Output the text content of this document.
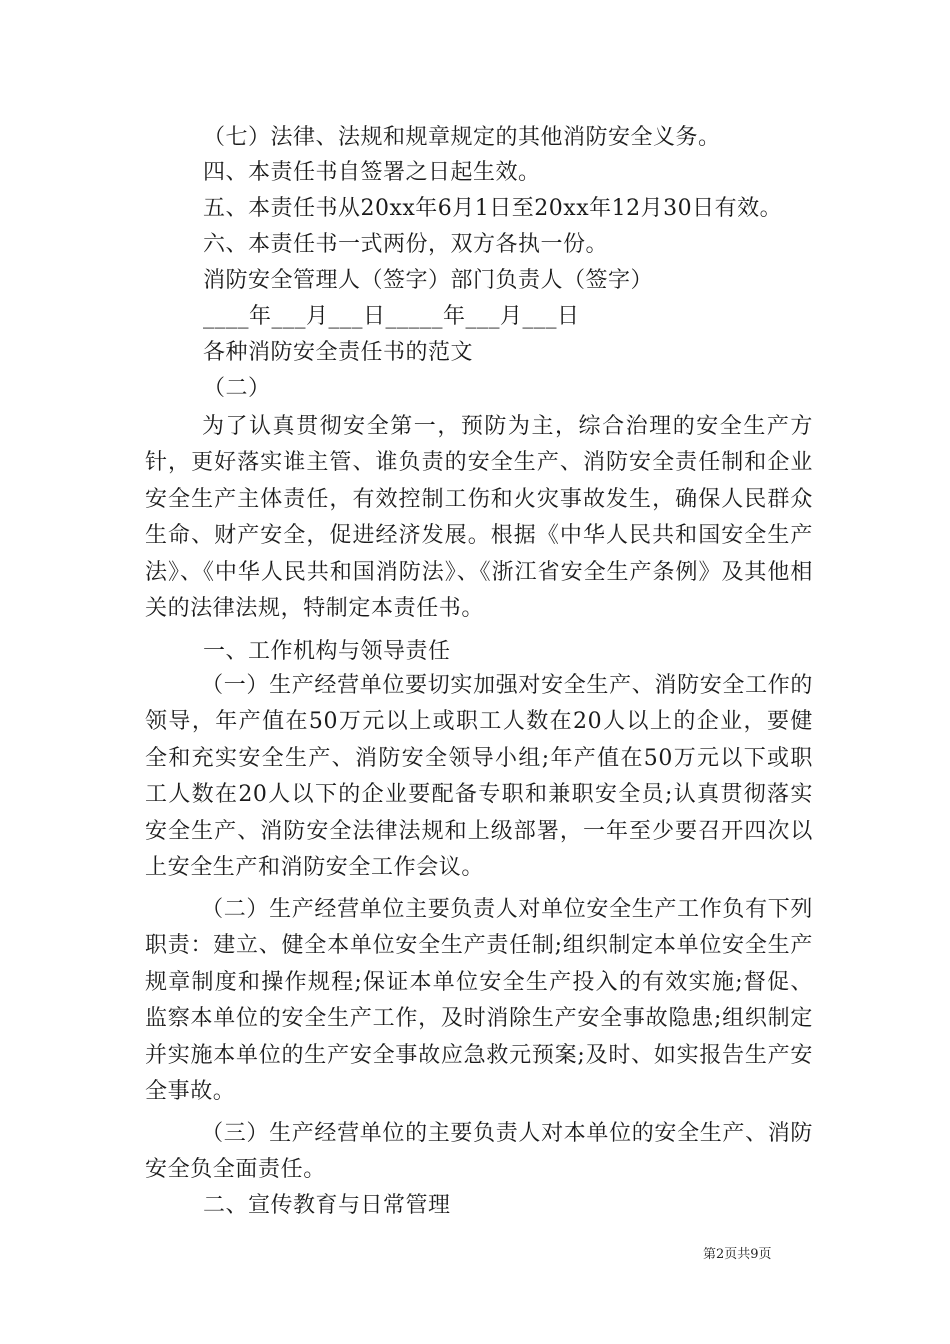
（七）法律、法规和规章规定的其他消防安全义务。
四、本责任书自签署之日起生效。
五、本责任书从20xx年6月1日至20xx年12月30日有效。
六、本责任书一式两份，双方各执一份。
消防安全管理人（签字）部门负责人（签字）
____年___月___日_____年___月___日
各种消防安全责任书的范文
（二）
为了认真贯彻安全第一，预防为主，综合治理的安全生产方针，更好落实谁主管、谁负责的安全生产、消防安全责任制和企业安全生产主体责任，有效控制工伤和火灾事故发生，确保人民群众生命、财产安全，促进经济发展。根据《中华人民共和国安全生产法》、《中华人民共和国消防法》、《浙江省安全生产条例》及其他相关的法律法规，特制定本责任书。
一、工作机构与领导责任
（一）生产经营单位要切实加强对安全生产、消防安全工作的领导，年产值在50万元以上或职工人数在20人以上的企业，要健全和充实安全生产、消防安全领导小组;年产值在50万元以下或职工人数在20人以下的企业要配备专职和兼职安全员;认真贯彻落实安全生产、消防安全法律法规和上级部署，一年至少要召开四次以上安全生产和消防安全工作会议。
（二）生产经营单位主要负责人对单位安全生产工作负有下列职责：建立、健全本单位安全生产责任制;组织制定本单位安全生产规章制度和操作规程;保证本单位安全生产投入的有效实施;督促、监察本单位的安全生产工作，及时消除生产安全事故隐患;组织制定并实施本单位的生产安全事故应急救元预案;及时、如实报告生产安全事故。
（三）生产经营单位的主要负责人对本单位的安全生产、消防安全负全面责任。
二、宣传教育与日常管理
第2页共9页
